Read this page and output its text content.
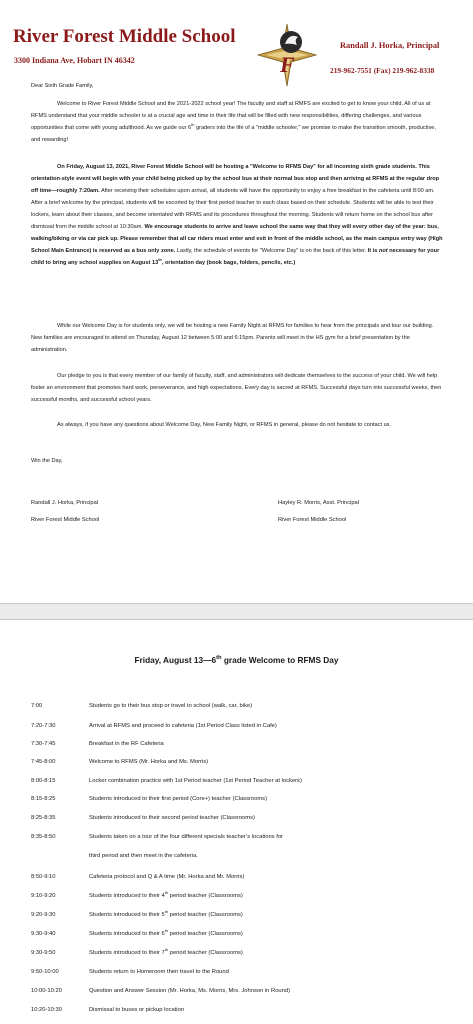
River Forest Middle School
3300 Indiana Ave, Hobart IN 46342	F
Randall J. Horka, Principal
219-962-7551 (Fax) 219-962-8338

Dear Sixth Grade Family,

Welcome to River Forest Middle School and the 2021-2022 school year! The faculty and staff at RMFS are excited to get to know your child. All of us at RFMS understand that your middle schooler is at a crucial age and time in their life that will be filled with new responsibilities, differing challenges, and various opportunities that come with young adulthood. As we guide our 6th graders into the life of a "middle schooler," we promise to make the transition smooth, productive, and rewarding!

On Friday, August 13, 2021, River Forest Middle School will be hosting a "Welcome to RFMS Day" for all incoming sixth grade students. This orientation-style event will begin with your child being picked up by the school bus at their normal bus stop and then arriving at RFMS at the regular drop off time—roughly 7:20am. After receiving their schedules upon arrival, all students will have the opportunity to enjoy a free breakfast in the cafeteria until 8:00 am. After a brief welcome by the principal, students will be escorted by their first period teacher to each class based on their schedule. Students will be able to test their lockers, learn about their classes, and become orientated with RFMS and its procedures throughout the morning. Students will return home on the school bus after dismissal from the middle school at 10:30am. We encourage students to arrive and leave school the same way that they will every other day of the year: bus, walking/biking or via car pick up. Please remember that all car riders must enter and exit in front of the middle school, as the main campus entry way (High School Main Entrance) is reserved as a bus only zone. Lastly, the schedule of events for "Welcome Day" is on the back of this letter. It is not necessary for your child to bring any school supplies on August 13th, orientation day (book bags, folders, pencils, etc.)

While our Welcome Day is for students only, we will be hosting a new Family Night at RFMS for families to hear from the principals and tour our building. New families are encouraged to attend on Thursday, August 12 between 5:00 and 6:15pm. Parents will meet in the HS gym for a brief presentation by the administration.

Our pledge to you is that every member of our family of faculty, staff, and administrators will dedicate themselves to the success of your child. We will help foster an environment that promotes hard work, perseverance, and high expectations. Every day is sacred at RFMS. Successful days turn into successful weeks, then successful months, and successful school years.

As always, if you have any questions about Welcome Day, New Family Night, or RFMS in general, please do not hesitate to contact us.

Win the Day,

Randall J. Horka, Principal
River Forest Middle School
Hayley R. Morris, Asst. Principal
River Forest Middle School
Friday, August 13—6th grade Welcome to RFMS Day
7:00	Students go to their bus stop or travel to school (walk, car, bike)
7:20-7:30	Arrival at RFMS and proceed to cafeteria (1st Period Class listed in Cafe)
7:30-7:45	Breakfast in the RF Cafeteria
7:45-8:00	Welcome to RFMS (Mr. Horka and Ms. Morris)
8:00-8:15	Locker combination practice with 1st Period teacher (1st Period Teacher at lockers)
8:15-8:25	Students introduced to their first period (Core+) teacher (Classrooms)
8:25-8:35	Students introduced to their second period teacher (Classrooms)
8:35-8:50	Students taken on a tour of the four different specials teacher’s locations for
third period and then meet in the cafeteria.
8:50-9:10	Cafeteria protocol and Q & A time (Mr. Horka and Mr. Morris)
9:10-9:20	Students introduced to their 4th period teacher (Classrooms)
9:20-9:30	Students introduced to their 5th period teacher (Classrooms)
9:30-9:40	Students introduced to their 6th period teacher (Classrooms)
9:30-9:50	Students introduced to their 7th period teacher (Classrooms)
9:50-10:00	Students return to Homeroom then travel to the Round
10:00-10:20	Question and Answer Session (Mr. Horka, Ms. Morris, Mrs. Johnson in Round)
10:20-10:30	Dismissal to buses or pickup location
